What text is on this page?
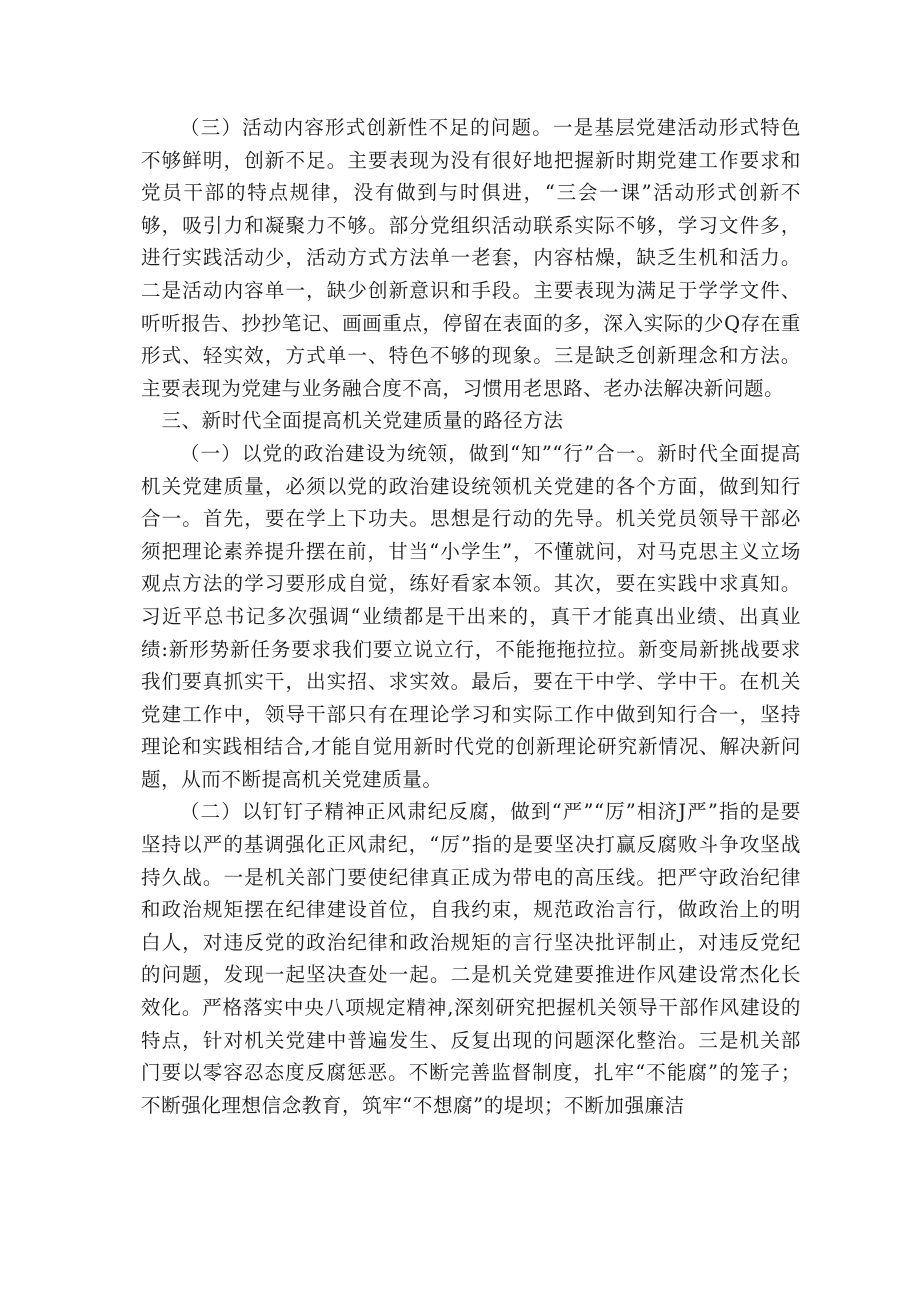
（三）活动内容形式创新性不足的问题。一是基层党建活动形式特色不够鲜明，创新不足。主要表现为没有很好地把握新时期党建工作要求和党员干部的特点规律，没有做到与时俱进，“三会一课”活动形式创新不够，吸引力和凝聚力不够。部分党组织活动联系实际不够，学习文件多，进行实践活动少，活动方式方法单一老套，内容枯燥，缺乏生机和活力。二是活动内容单一，缺少创新意识和手段。主要表现为满足于学学文件、听听报告、抄抄笔记、画画重点，停留在表面的多，深入实际的少Q存在重形式、轻实效，方式单一、特色不够的现象。三是缺乏创新理念和方法。主要表现为党建与业务融合度不高，习惯用老思路、老办法解决新问题。

三、新时代全面提高机关党建质量的路径方法

（一）以党的政治建设为统领，做到“知”“行”合一。新时代全面提高机关党建质量，必须以党的政治建设统领机关党建的各个方面，做到知行合一。首先，要在学上下功夫。思想是行动的先导。机关党员领导干部必须把理论素养提升摆在前，甘当“小学生”，不懂就问，对马克思主义立场观点方法的学习要形成自觉，练好看家本领。其次，要在实践中求真知。习近平总书记多次强调“业绩都是干出来的，真干才能真出业绩、出真业绩:新形势新任务要求我们要立说立行，不能拖拖拉拉。新变局新挑战要求我们要真抓实干，出实招、求实效。最后，要在干中学、学中干。在机关党建工作中，领导干部只有在理论学习和实际工作中做到知行合一，坚持理论和实践相结合,才能自觉用新时代党的创新理论研究新情况、解决新问题，从而不断提高机关党建质量。

（二）以钉钉子精神正风肃纪反腐，做到“严”“厉”相济J严”指的是要坚持以严的基调强化正风肃纪，“厉”指的是要坚决打赢反腐败斗争攻坚战持久战。一是机关部门要使纪律真正成为带电的高压线。把严守政治纪律和政治规矩摆在纪律建设首位，自我约束，规范政治言行，做政治上的明白人，对违反党的政治纪律和政治规矩的言行坚决批评制止，对违反党纪的问题，发现一起坚决查处一起。二是机关党建要推进作风建设常杰化长效化。严格落实中央八项规定精神,深刻研究把握机关领导干部作风建设的特点，针对机关党建中普遍发生、反复出现的问题深化整治。三是机关部门要以零容忍态度反腐惩恶。不断完善监督制度，扎牢“不能腐”的笼子；不断强化理想信念教育，筑牢“不想腐”的堤坝；不断加强廉洁
